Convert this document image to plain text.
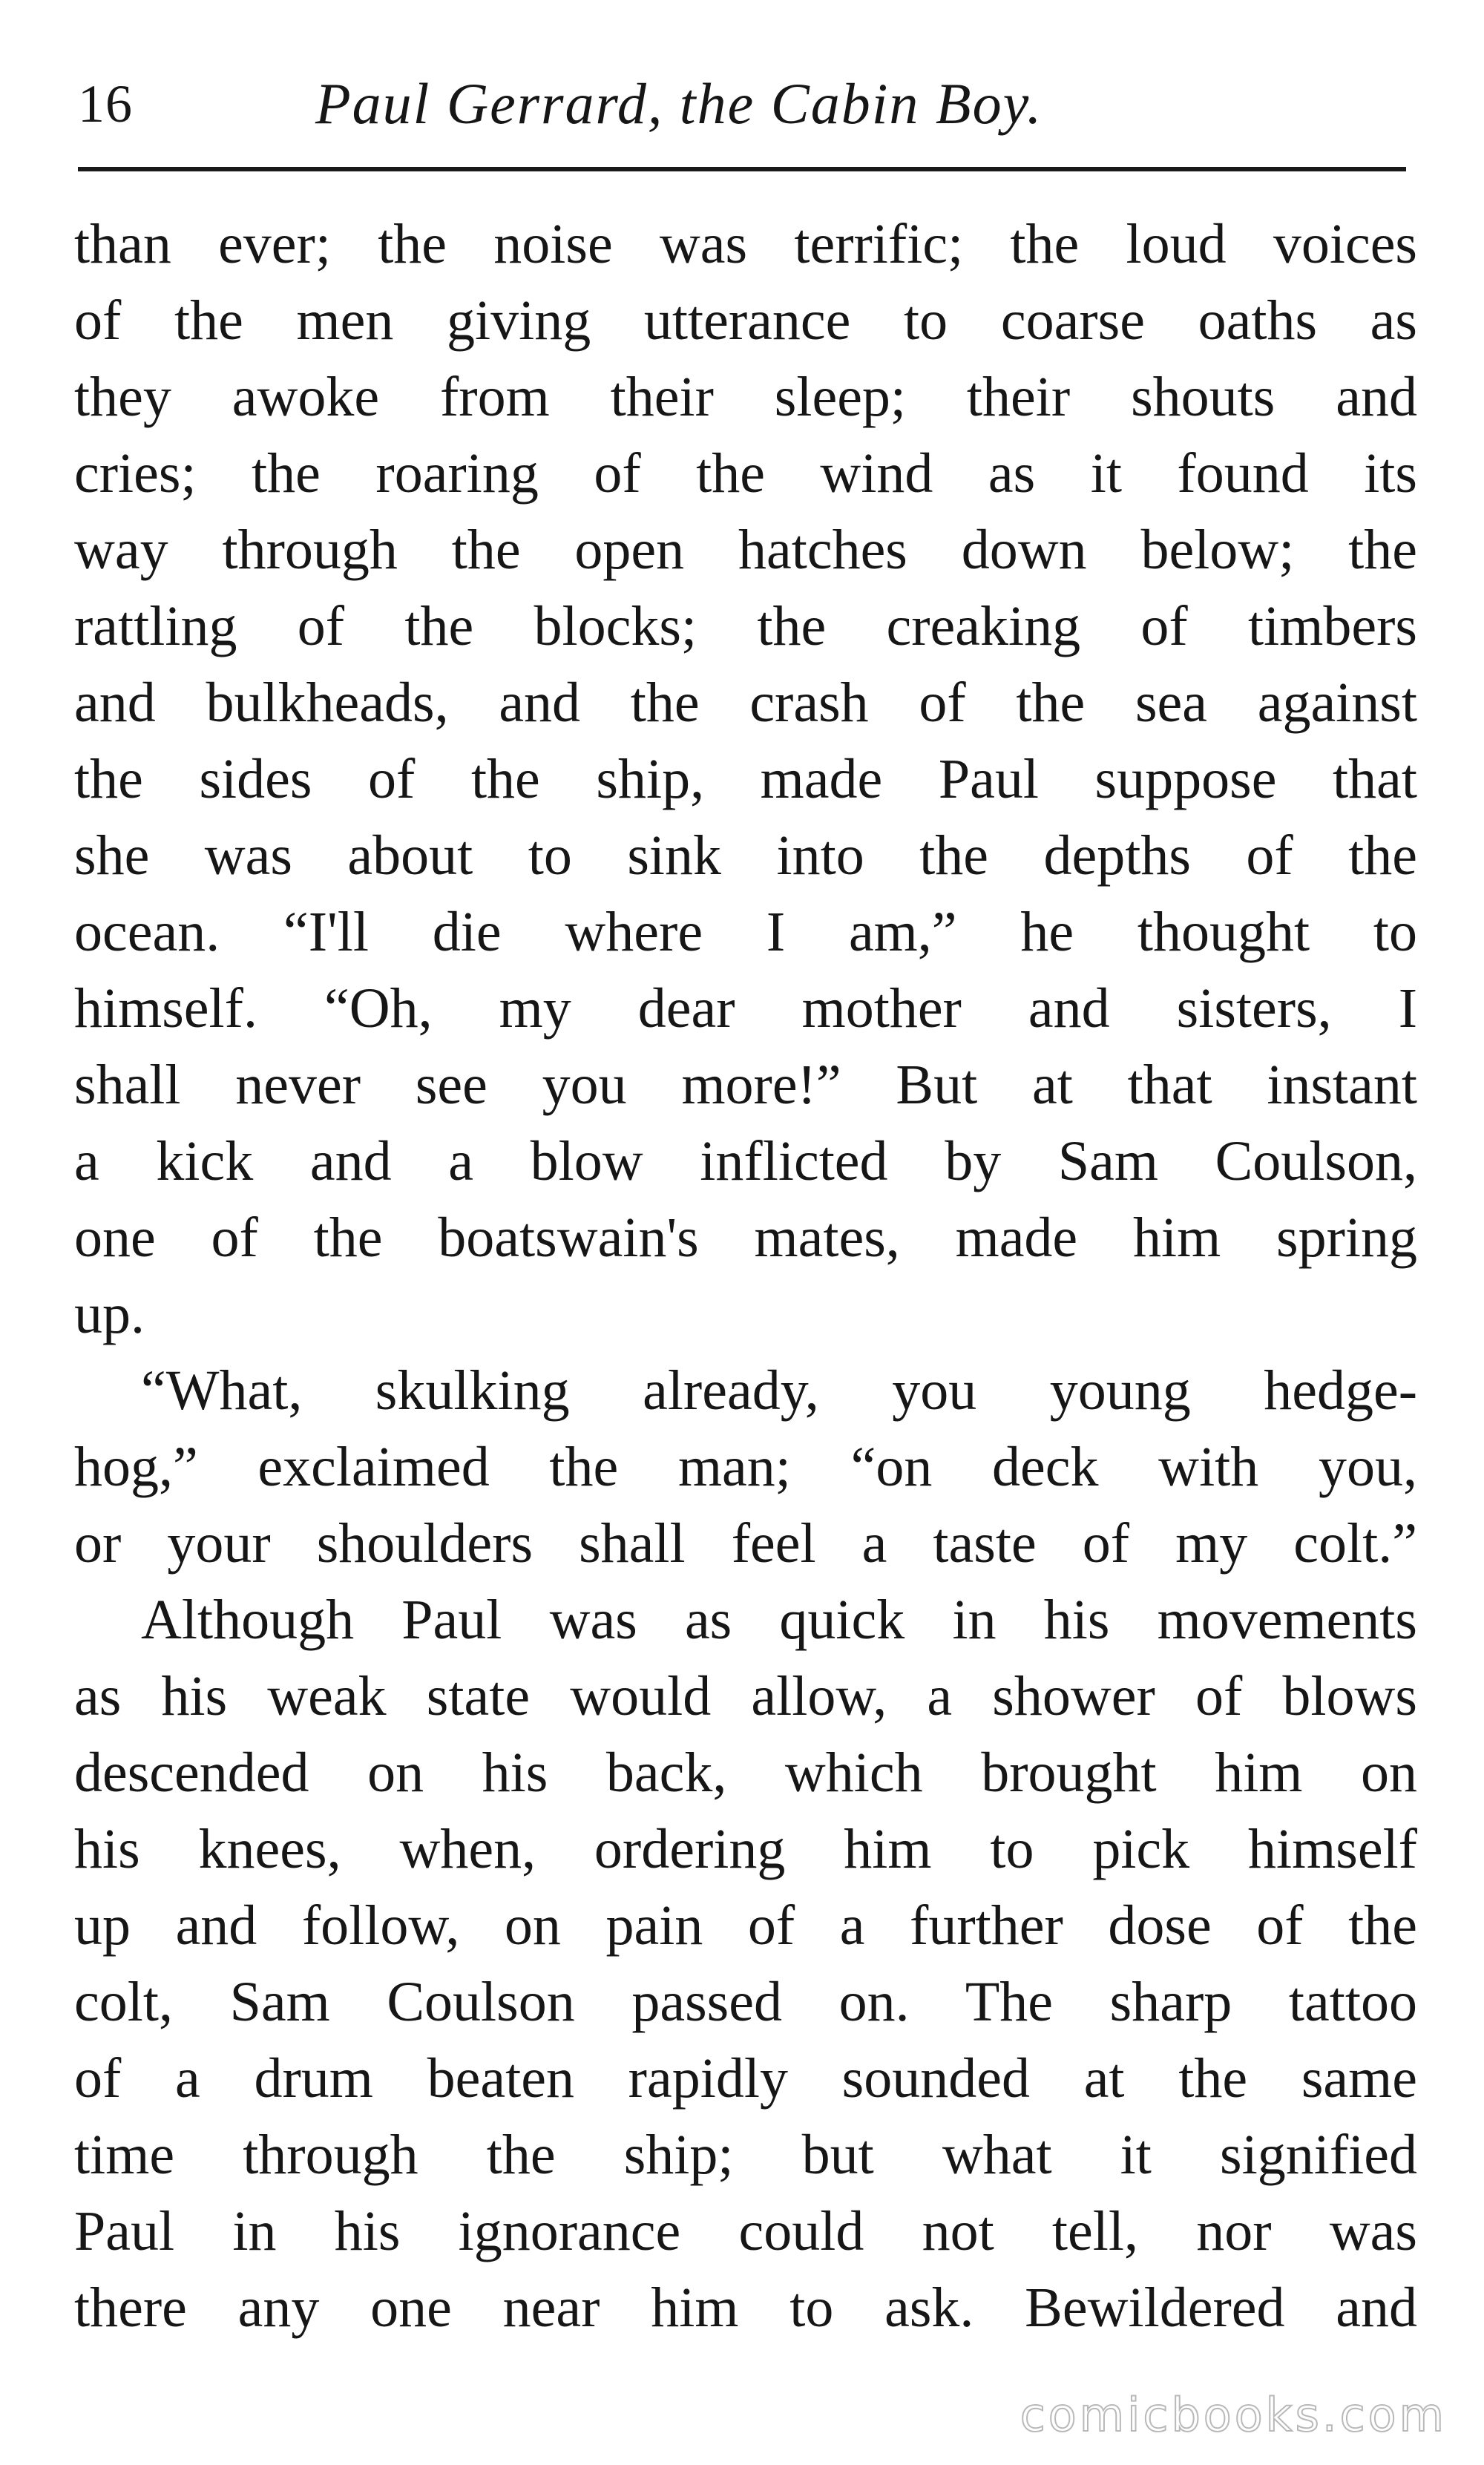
16	Paul Gerrard, the Cabin Boy.
than ever; the noise was terrific; the loud voices
of the men giving utterance to coarse oaths as
they awoke from their sleep; their shouts and
cries; the roaring of the wind as it found its
way through the open hatches down below; the
rattling of the blocks; the creaking of timbers
and bulkheads, and the crash of the sea against
the sides of the ship, made Paul suppose that
she was about to sink into the depths of the
ocean. “I'll die where I am,” he thought to
himself. “Oh, my dear mother and sisters, I
shall never see you more!” But at that instant
a kick and a blow inflicted by Sam Coulson,
one of the boatswain's mates, made him spring
up.
“What, skulking already, you young hedge-
hog,” exclaimed the man; “on deck with you,
or your shoulders shall feel a taste of my colt.”
Although Paul was as quick in his movements
as his weak state would allow, a shower of blows
descended on his back, which brought him on
his knees, when, ordering him to pick himself
up and follow, on pain of a further dose of the
colt, Sam Coulson passed on. The sharp tattoo
of a drum beaten rapidly sounded at the same
time through the ship; but what it signified
Paul in his ignorance could not tell, nor was
there any one near him to ask. Bewildered and
comicbooks.com
